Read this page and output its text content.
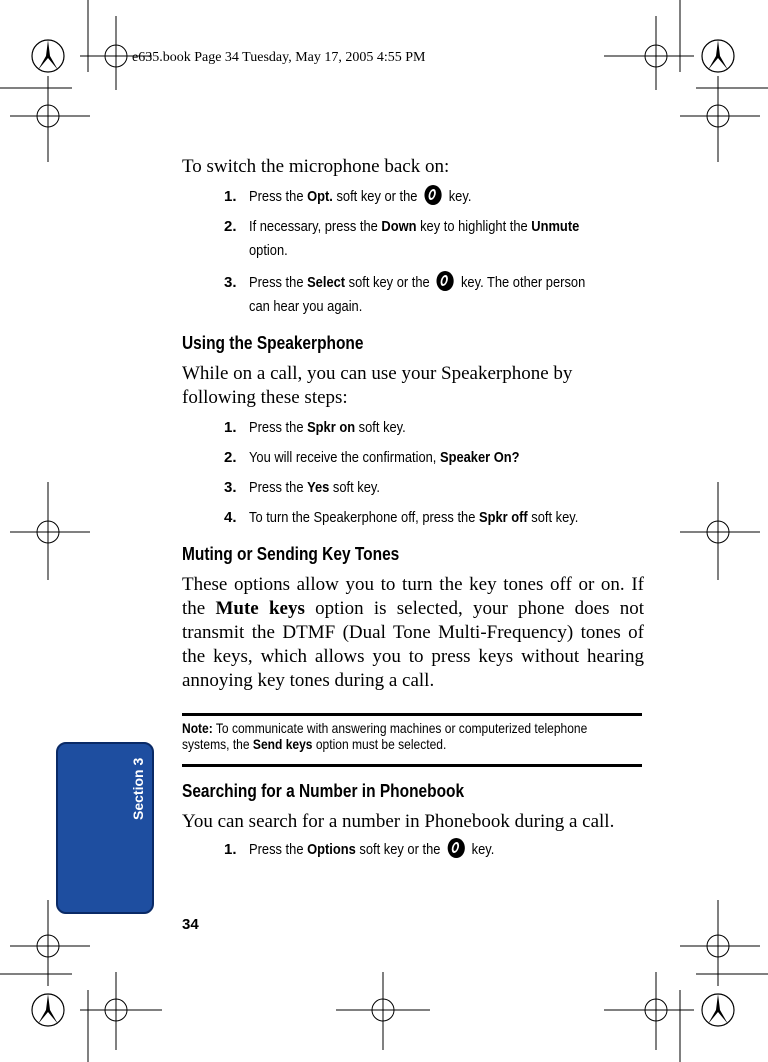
e635.book Page 34 Tuesday, May 17, 2005 4:55 PM

To switch the microphone back on:

1. Press the Opt. soft key or the  key.

2. If necessary, press the Down key to highlight the Unmute option.

3. Press the Select soft key or the  key. The other person can hear you again.

Using the Speakerphone

While on a call, you can use your Speakerphone by following these steps:

1. Press the Spkr on soft key.

2. You will receive the confirmation, Speaker On?

3. Press the Yes soft key.

4. To turn the Speakerphone off, press the Spkr off soft key.

Muting or Sending Key Tones

These options allow you to turn the key tones off or on. If the Mute keys option is selected, your phone does not transmit the DTMF (Dual Tone Multi-Frequency) tones of the keys, which allows you to press keys without hearing annoying key tones during a call.

Note: To communicate with answering machines or computerized telephone systems, the Send keys option must be selected.

Searching for a Number in Phonebook

You can search for a number in Phonebook during a call.

1. Press the Options soft key or the  key.

Section 3
34
